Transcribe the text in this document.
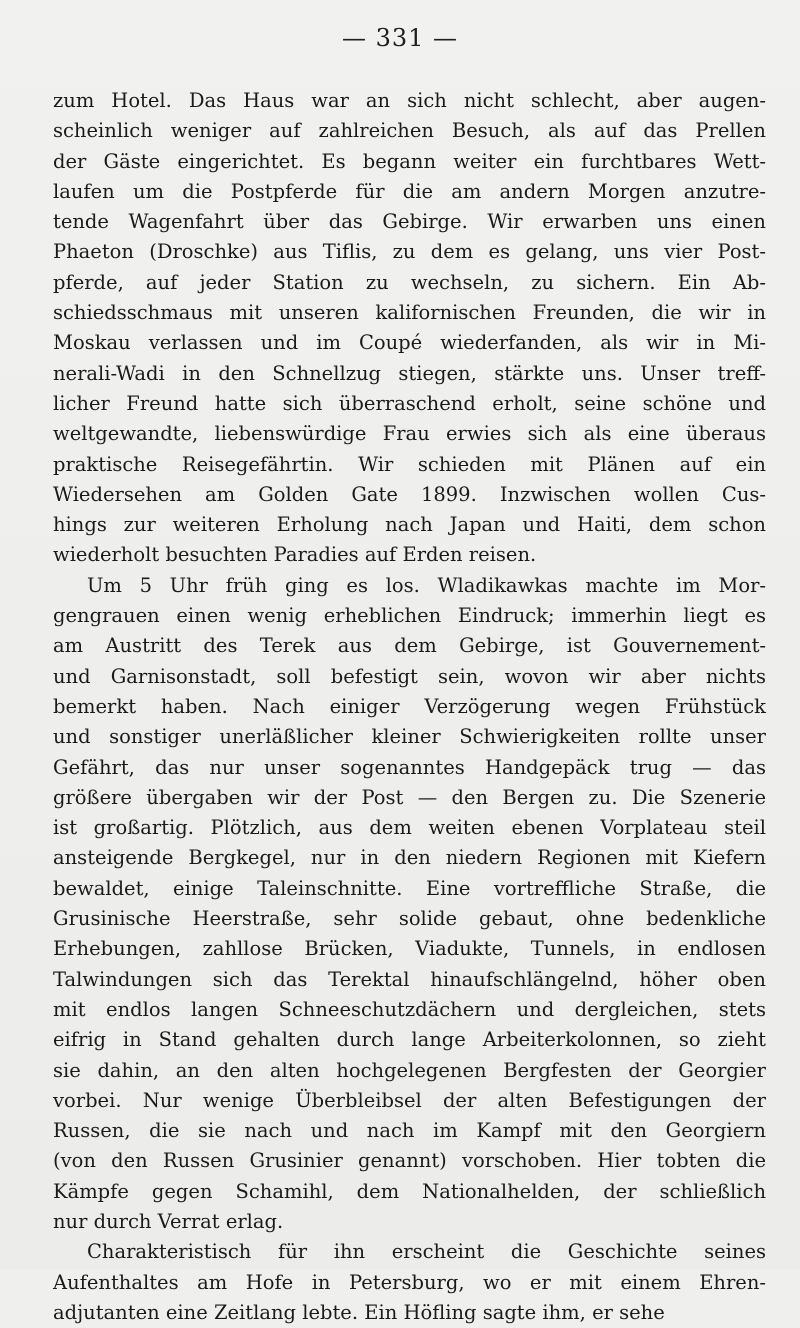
— 331 —
zum Hotel. Das Haus war an sich nicht schlecht, aber augen-
scheinlich weniger auf zahlreichen Besuch, als auf das Prellen
der Gäste eingerichtet. Es begann weiter ein furchtbares Wett-
laufen um die Postpferde für die am andern Morgen anzutre-
tende Wagenfahrt über das Gebirge. Wir erwarben uns einen
Phaeton (Droschke) aus Tiflis, zu dem es gelang, uns vier Post-
pferde, auf jeder Station zu wechseln, zu sichern. Ein Ab-
schiedsschmaus mit unseren kalifornischen Freunden, die wir in
Moskau verlassen und im Coupé wiederfanden, als wir in Mi-
nerali-Wadi in den Schnellzug stiegen, stärkte uns. Unser treff-
licher Freund hatte sich überraschend erholt, seine schöne und
weltgewandte, liebenswürdige Frau erwies sich als eine überaus
praktische Reisegefährtin. Wir schieden mit Plänen auf ein
Wiedersehen am Golden Gate 1899. Inzwischen wollen Cus-
hings zur weiteren Erholung nach Japan und Haiti, dem schon
wiederholt besuchten Paradies auf Erden reisen.
Um 5 Uhr früh ging es los. Wladikawkas machte im Mor-
gengrauen einen wenig erheblichen Eindruck; immerhin liegt es
am Austritt des Terek aus dem Gebirge, ist Gouvernement-
und Garnisonstadt, soll befestigt sein, wovon wir aber nichts
bemerkt haben. Nach einiger Verzögerung wegen Frühstück
und sonstiger unerläßlicher kleiner Schwierigkeiten rollte unser
Gefährt, das nur unser sogenanntes Handgepäck trug — das
größere übergaben wir der Post — den Bergen zu. Die Szenerie
ist großartig. Plötzlich, aus dem weiten ebenen Vorplateau steil
ansteigende Bergkegel, nur in den niedern Regionen mit Kiefern
bewaldet, einige Taleinschnitte. Eine vortreffliche Straße, die
Grusinische Heerstraße, sehr solide gebaut, ohne bedenkliche
Erhebungen, zahllose Brücken, Viadukte, Tunnels, in endlosen
Talwindungen sich das Terektal hinaufschlängelnd, höher oben
mit endlos langen Schneeschutzdächern und dergleichen, stets
eifrig in Stand gehalten durch lange Arbeiterkolonnen, so zieht
sie dahin, an den alten hochgelegenen Bergfesten der Georgier
vorbei. Nur wenige Überbleibsel der alten Befestigungen der
Russen, die sie nach und nach im Kampf mit den Georgiern
(von den Russen Grusinier genannt) vorschoben. Hier tobten die
Kämpfe gegen Schamihl, dem Nationalhelden, der schließlich
nur durch Verrat erlag.
Charakteristisch für ihn erscheint die Geschichte seines
Aufenthaltes am Hofe in Petersburg, wo er mit einem Ehren-
adjutanten eine Zeitlang lebte. Ein Höfling sagte ihm, er sehe
